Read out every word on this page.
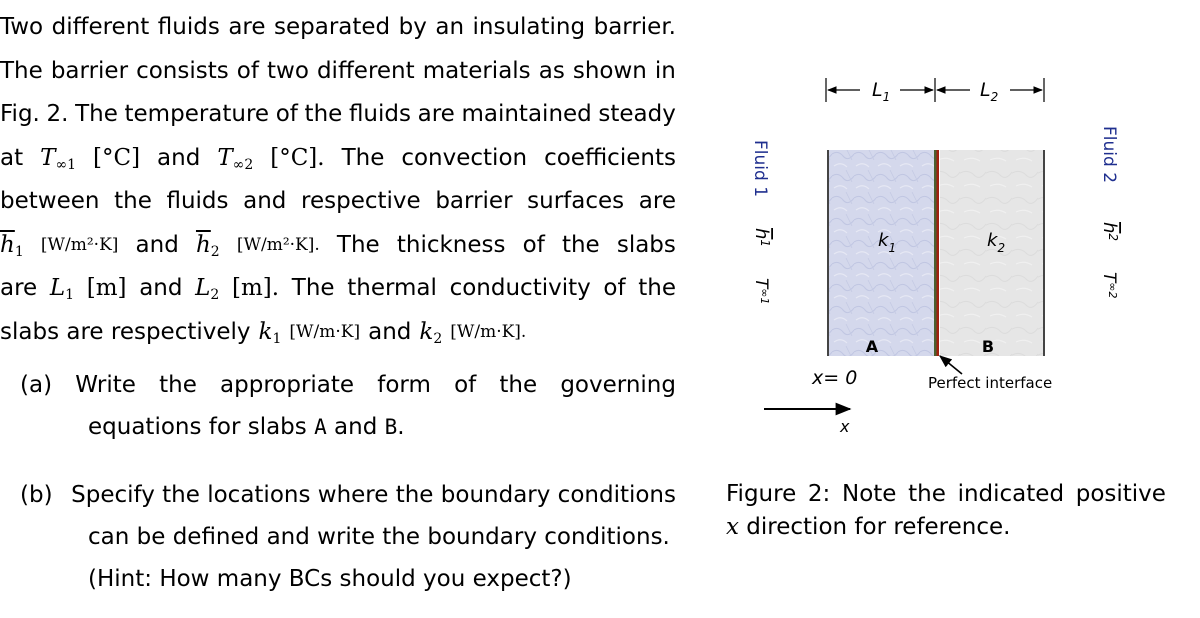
Two different fluids are separated by an insulating barrier.
The barrier consists of two different materials as shown in
Fig. 2. The temperature of the fluids are maintained steady
at $T_{\infty 1}$ [°C] and $T_{\infty 2}$ [°C]. The convection coefficients
between the fluids and respective barrier surfaces are
$\overline{h}_1$ [W/m²·K] and $\overline{h}_2$ [W/m²·K]. The thickness of the slabs
are $L_1$ [m] and $L_2$ [m]. The thermal conductivity of the
slabs are respectively $k_1$ [W/m·K] and $k_2$ [W/m·K].
(a) Write the appropriate form of the governing
equations for slabs A and B.
(b) Specify the locations where the boundary conditions
can be defined and write the boundary conditions.
(Hint: How many BCs should you expect?)
$L_1$	$L_2$
$k_1$	$k_2$
A	B
Perfect interface
x= 0
x
Fluid 1
$h^1$
$T^{\infty 1}$
Fluid 2
$h^2$
$T^{\infty 2}$
Figure 2: Note the indicated positive
x direction for reference.
